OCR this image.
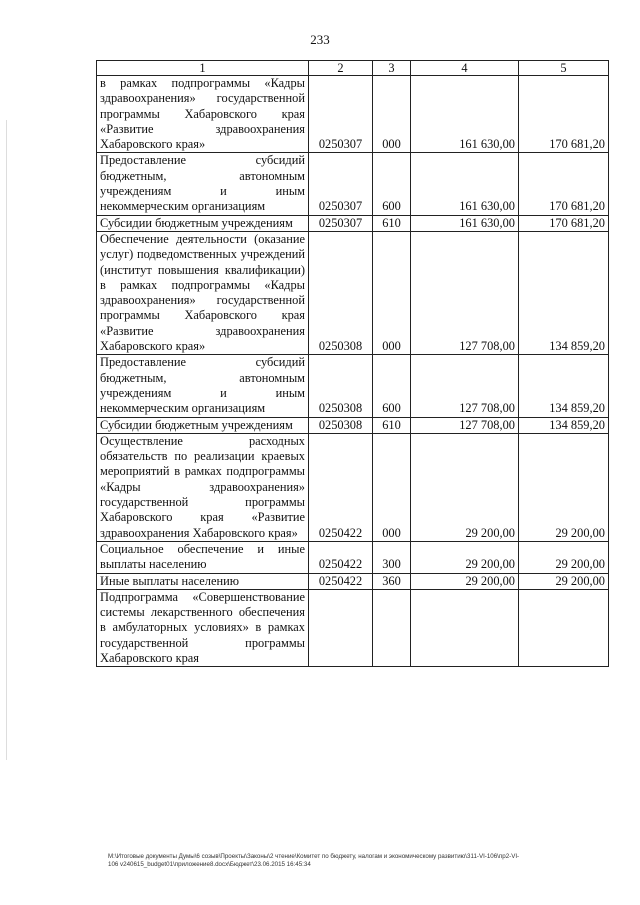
233
1	2	3	4	5
в рамках подпрограммы «Кадры здравоохранения» государственной программы Хабаровского края «Развитие здравоохранения Хабаровского края»	0250307	000	161 630,00	170 681,20
Предоставление субсидий бюджетным, автономным учреждениям и иным некоммерческим организациям	0250307	600	161 630,00	170 681,20
Субсидии бюджетным учреждениям	0250307	610	161 630,00	170 681,20
Обеспечение деятельности (оказание услуг) подведомственных учреждений (институт повышения квалификации) в рамках подпрограммы «Кадры здравоохранения» государственной программы Хабаровского края «Развитие здравоохранения Хабаровского края»	0250308	000	127 708,00	134 859,20
Предоставление субсидий бюджетным, автономным учреждениям и иным некоммерческим организациям	0250308	600	127 708,00	134 859,20
Субсидии бюджетным учреждениям	0250308	610	127 708,00	134 859,20
Осуществление расходных обязательств по реализации краевых мероприятий в рамках подпрограммы «Кадры здравоохранения» государственной программы Хабаровского края «Развитие здравоохранения Хабаровского края»	0250422	000	29 200,00	29 200,00
Социальное обеспечение и иные выплаты населению	0250422	300	29 200,00	29 200,00
Иные выплаты населению	0250422	360	29 200,00	29 200,00
Подпрограмма «Совершенствование системы лекарственного обеспечения в амбулаторных условиях» в рамках государственной программы Хабаровского края				
M:\Итоговые документы Думы\6 созыв\Проекты\Законы\2 чтение\Комитет по бюджету, налогам и экономическому развитию\311-VI-106\пр2-VI-
106 v240615_budget01\приложение8.docx\Бюджет\23.06.2015 16:45:34
